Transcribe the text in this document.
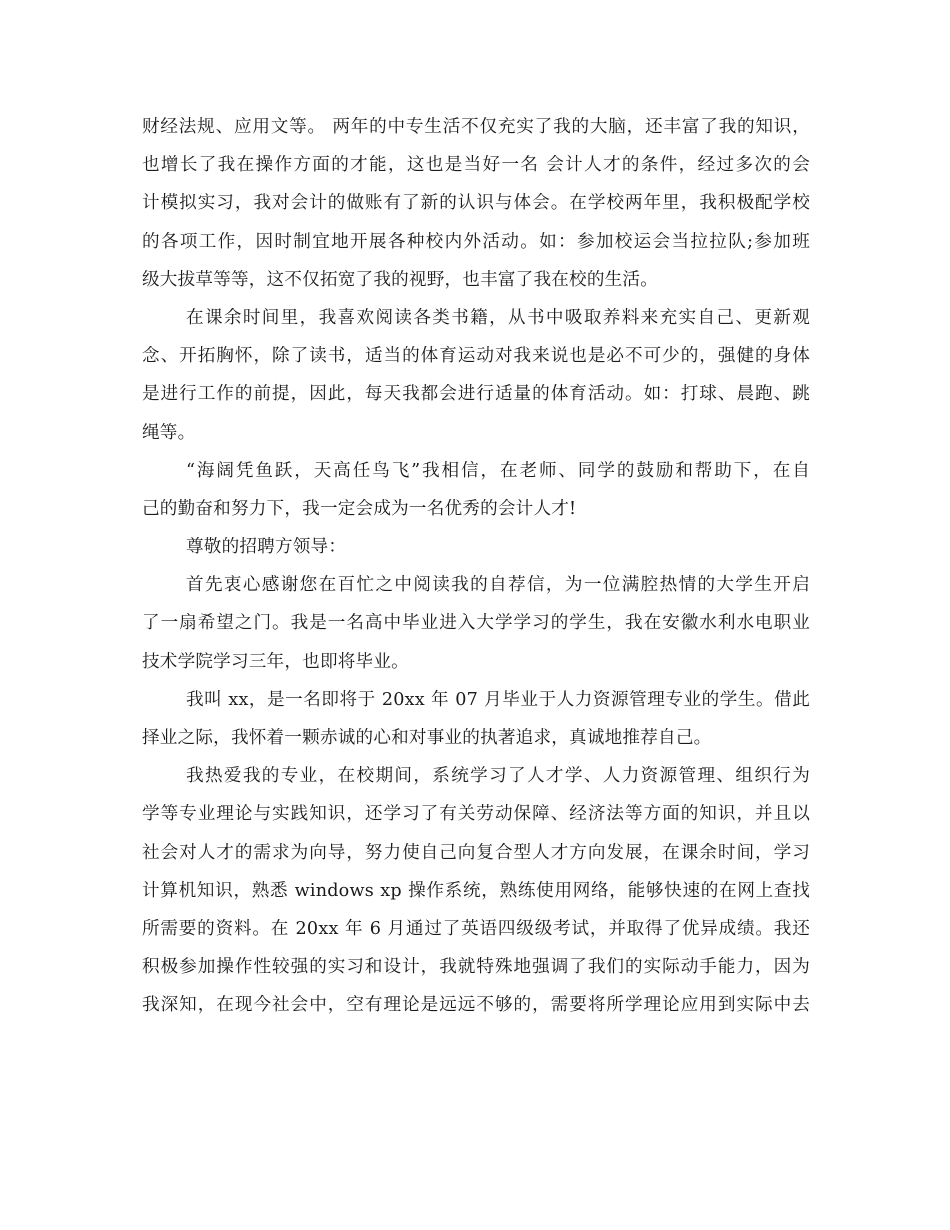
财经法规、应用文等。 两年的中专生活不仅充实了我的大脑，还丰富了我的知识，
也增长了我在操作方面的才能，这也是当好一名 会计人才的条件，经过多次的会
计模拟实习，我对会计的做账有了新的认识与体会。在学校两年里，我积极配学校
的各项工作，因时制宜地开展各种校内外活动。如：参加校运会当拉拉队;参加班
级大拔草等等，这不仅拓宽了我的视野，也丰富了我在校的生活。
在课余时间里，我喜欢阅读各类书籍，从书中吸取养料来充实自己、更新观
念、开拓胸怀，除了读书，适当的体育运动对我来说也是必不可少的，强健的身体
是进行工作的前提，因此，每天我都会进行适量的体育活动。如：打球、晨跑、跳
绳等。
“海阔凭鱼跃，天高任鸟飞”我相信，在老师、同学的鼓励和帮助下，在自
己的勤奋和努力下，我一定会成为一名优秀的会计人才!
尊敬的招聘方领导：
首先衷心感谢您在百忙之中阅读我的自荐信，为一位满腔热情的大学生开启
了一扇希望之门。我是一名高中毕业进入大学学习的学生，我在安徽水利水电职业
技术学院学习三年，也即将毕业。
我叫 xx，是一名即将于 20xx 年 07 月毕业于人力资源管理专业的学生。借此
择业之际，我怀着一颗赤诚的心和对事业的执著追求，真诚地推荐自己。
我热爱我的专业，在校期间，系统学习了人才学、人力资源管理、组织行为
学等专业理论与实践知识，还学习了有关劳动保障、经济法等方面的知识，并且以
社会对人才的需求为向导，努力使自己向复合型人才方向发展，在课余时间，学习
计算机知识，熟悉 windows xp 操作系统，熟练使用网络，能够快速的在网上查找
所需要的资料。在 20xx 年 6 月通过了英语四级级考试，并取得了优异成绩。我还
积极参加操作性较强的实习和设计，我就特殊地强调了我们的实际动手能力，因为
我深知，在现今社会中，空有理论是远远不够的，需要将所学理论应用到实际中去
